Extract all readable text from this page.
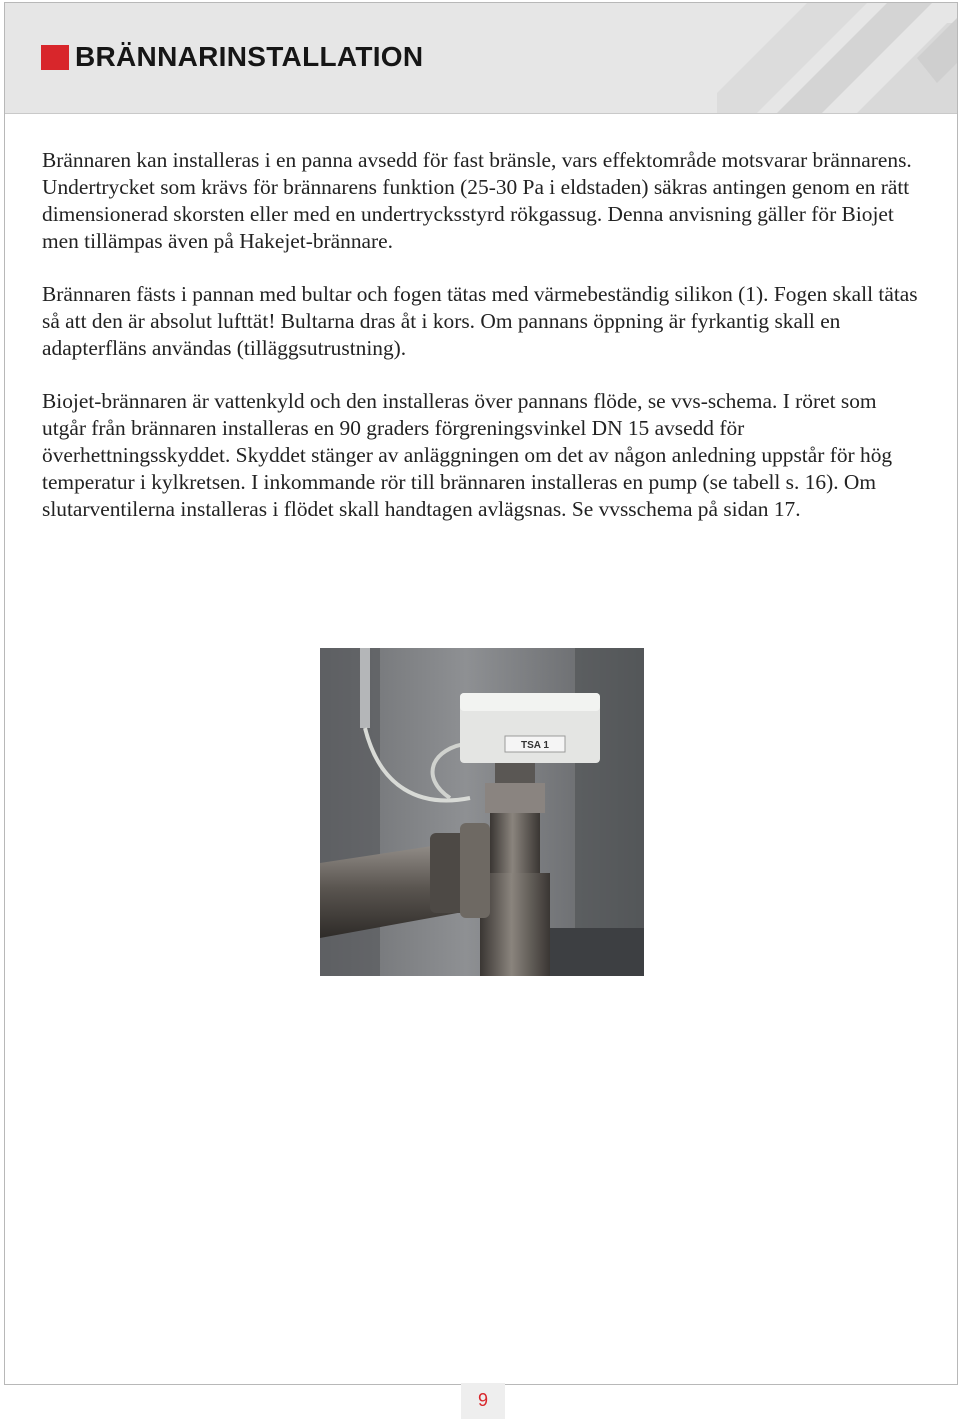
BRÄNNARINSTALLATION

Brännaren kan installeras i en panna avsedd för fast bränsle, vars effektområde motsvarar brännarens. Undertrycket som krävs för brännarens funktion (25-30 Pa i eldstaden) säkras antingen genom en rätt dimensionerad skorsten eller med en undertrycksstyrd rökgassug. Denna anvisning gäller för Biojet men tillämpas även på Hakejet-brännare.

Brännaren fästs i pannan med bultar och fogen tätas med värmebeständig silikon (1). Fogen skall tätas så att den är absolut lufttät! Bultarna dras åt i kors. Om pannans öppning är fyrkantig skall en adapterfläns användas (tilläggsutrustning).

Biojet-brännaren är vattenkyld och den installeras över pannans flöde, se vvs-schema. I röret som utgår från brännaren installeras en 90 graders förgreningsvinkel DN 15 avsedd för överhettningsskyddet. Skyddet stänger av anläggningen om det av någon anledning uppstår för hög temperatur i kylkretsen. I inkommande rör till brännaren installeras en pump (se tabell s. 16). Om slutarventilerna installeras i flödet skall handtagen avlägsnas. Se vvsschema på sidan 17.

TSA 1
9
